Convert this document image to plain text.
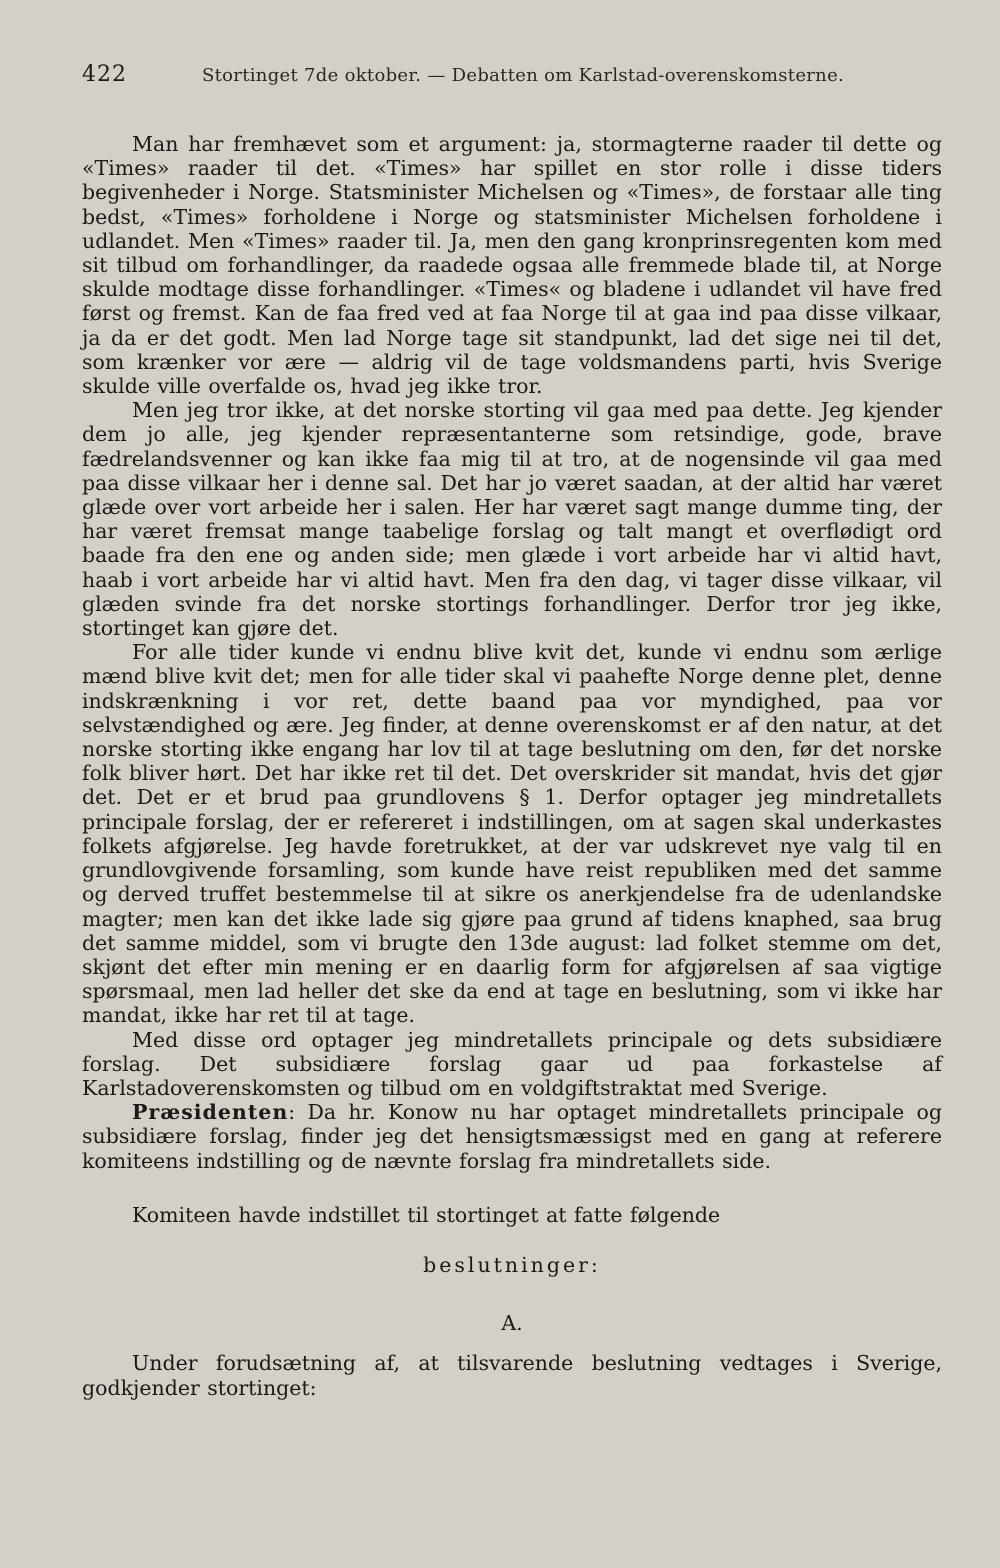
422	Stortinget 7de oktober. — Debatten om Karlstad-overenskomsterne.

Man har fremhævet som et argument: ja, stormagterne raader til dette og «Times» raader til det. «Times» har spillet en stor rolle i disse tiders begivenheder i Norge. Statsminister Michelsen og «Times», de forstaar alle ting bedst, «Times» forholdene i Norge og statsminister Michelsen forholdene i udlandet. Men «Times» raader til. Ja, men den gang kronprinsregenten kom med sit tilbud om forhandlinger, da raadede ogsaa alle fremmede blade til, at Norge skulde modtage disse forhandlinger. «Times« og bladene i udlandet vil have fred først og fremst. Kan de faa fred ved at faa Norge til at gaa ind paa disse vilkaar, ja da er det godt. Men lad Norge tage sit standpunkt, lad det sige nei til det, som krænker vor ære — aldrig vil de tage voldsmandens parti, hvis Sverige skulde ville overfalde os, hvad jeg ikke tror.

Men jeg tror ikke, at det norske storting vil gaa med paa dette. Jeg kjender dem jo alle, jeg kjender repræsentanterne som retsindige, gode, brave fædrelandsvenner og kan ikke faa mig til at tro, at de nogensinde vil gaa med paa disse vilkaar her i denne sal. Det har jo været saadan, at der altid har været glæde over vort arbeide her i salen. Her har været sagt mange dumme ting, der har været fremsat mange taabelige forslag og talt mangt et overflødigt ord baade fra den ene og anden side; men glæde i vort arbeide har vi altid havt, haab i vort arbeide har vi altid havt. Men fra den dag, vi tager disse vilkaar, vil glæden svinde fra det norske stortings forhandlinger. Derfor tror jeg ikke, stortinget kan gjøre det.

For alle tider kunde vi endnu blive kvit det, kunde vi endnu som ærlige mænd blive kvit det; men for alle tider skal vi paahefte Norge denne plet, denne indskrænkning i vor ret, dette baand paa vor myndighed, paa vor selvstændighed og ære. Jeg finder, at denne overenskomst er af den natur, at det norske storting ikke engang har lov til at tage beslutning om den, før det norske folk bliver hørt. Det har ikke ret til det. Det overskrider sit mandat, hvis det gjør det. Det er et brud paa grundlovens § 1. Derfor optager jeg mindretallets principale forslag, der er refereret i indstillingen, om at sagen skal underkastes folkets afgjørelse. Jeg havde foretrukket, at der var udskrevet nye valg til en grundlovgivende forsamling, som kunde have reist republiken med det samme og derved truffet bestemmelse til at sikre os anerkjendelse fra de udenlandske magter; men kan det ikke lade sig gjøre paa grund af tidens knaphed, saa brug det samme middel, som vi brugte den 13de august: lad folket stemme om det, skjønt det efter min mening er en daarlig form for afgjørelsen af saa vigtige spørsmaal, men lad heller det ske da end at tage en beslutning, som vi ikke har mandat, ikke har ret til at tage.

Med disse ord optager jeg mindretallets principale og dets subsidiære forslag. Det subsidiære forslag gaar ud paa forkastelse af Karlstadoverenskomsten og tilbud om en voldgiftstraktat med Sverige.

Præsidenten: Da hr. Konow nu har optaget mindretallets principale og subsidiære forslag, finder jeg det hensigtsmæssigst med en gang at referere komiteens indstilling og de nævnte forslag fra mindretallets side.

Komiteen havde indstillet til stortinget at fatte følgende

beslutninger:

A.

Under forudsætning af, at tilsvarende beslutning vedtages i Sverige, godkjender stortinget:
